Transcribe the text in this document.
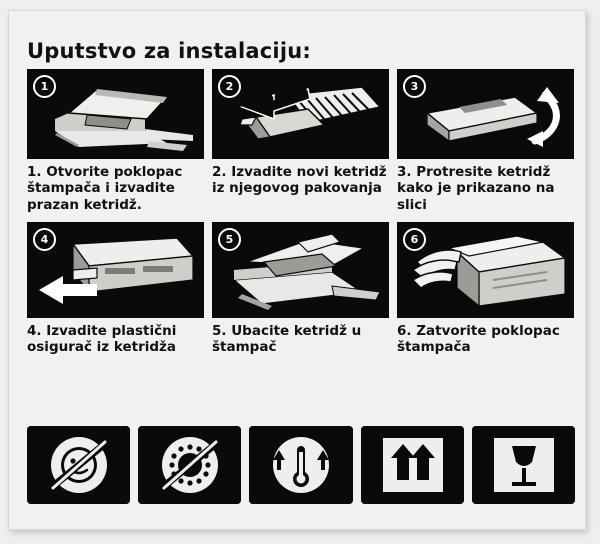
Uputstvo za instalaciju:
1
1. Otvorite poklopac štampača i izvadite prazan ketridž.
2
2. Izvadite novi ketridž iz njegovog pakovanja
3
3. Protresite ketridž kako je prikazano na slici
4
4. Izvadite plastični osigurač iz ketridža
5
5. Ubacite ketridž u štampač
6
6. Zatvorite poklopac štampača
